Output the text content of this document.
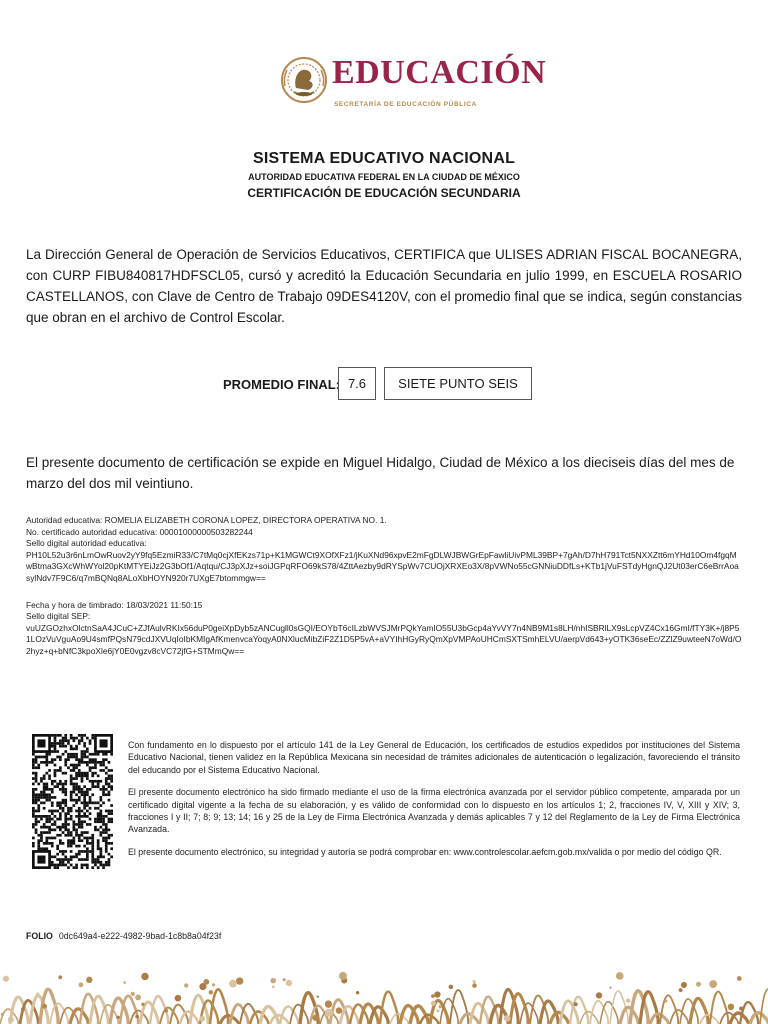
EDUCACIÓN
SECRETARÍA DE EDUCACIÓN PÚBLICA
SISTEMA EDUCATIVO NACIONAL
AUTORIDAD EDUCATIVA FEDERAL EN LA CIUDAD DE MÉXICO
CERTIFICACIÓN DE EDUCACIÓN SECUNDARIA
La Dirección General de Operación de Servicios Educativos, CERTIFICA que ULISES ADRIAN FISCAL BOCANEGRA, con CURP FIBU840817HDFSCL05, cursó y acreditó la Educación Secundaria en julio 1999, en ESCUELA ROSARIO CASTELLANOS, con Clave de Centro de Trabajo 09DES4120V, con el promedio final que se indica, según constancias que obran en el archivo de Control Escolar.
PROMEDIO FINAL: 7.6	SIETE PUNTO SEIS
El presente documento de certificación se expide en Miguel Hidalgo, Ciudad de México a los dieciseis días del mes de marzo del dos mil veintiuno.
Autoridad educativa: ROMELIA ELIZABETH CORONA LOPEZ, DIRECTORA OPERATIVA NO. 1.
No. certificado autoridad educativa: 00001000000503282244
Sello digital autoridad educativa:
PH10L52u3r6nLmOwRuov2yY9fq5EzmiR33/C7tMq0cjXfEKzs71p+K1MGWCt9XOfXFz1/jKuXNd96xpvE2mFgDLWJBWGrEpFawliUivPML39BP+7gAh/D7hH791Tct5NXXZtt6mYHd10Om4fgqMwBtma3GXcWhWYol20pKtMTYEiJz2G3bOf1/Aqtqu/CJ3pXJz+soiJGPqRFO69kS78/4ZttAezby9dRYSpWv7CUOjXRXEo3X/8pVWNo55cGNNiuDDfLs+KTb1jVuFSTdyHgnQJ2Ut03erC6eBrrAoasylNdv7F9C6/q7mBQNq8ALoXbHOYN920r7UXgE7btommgw==
Fecha y hora de timbrado: 18/03/2021 11:50:15
Sello digital SEP:
vuUZGOzhxOlctnSaA4JCuC+ZJfAulvRKIx56duP0geiXpDyb5zANCugll0sGQI/EOYbT6cILzbWVSJMrPQkYamIO55U3bGcp4aYvVY7n4NB9M1s8LH/nhISBRlLX9sLcpVZ4Cx16GmI/fTY3K+/j8P51LOzVuVguAo9U4smfPQsN79cdJXVUqIoIbKMIgAfKmenvcaYoqyA0NXlucMibZiF2Z1D5P5vA+aVYIhHGyRyQmXpVMPAoUHCmSXTSmhELVU/aerpVd643+yOTK36seEc/ZZlZ9uwteeN7oWd/O2hyz+q+bNfC3kpoXle6jY0E0vgzv8cVC72jfG+STMmQw==

Con fundamento en lo dispuesto por el artículo 141 de la Ley General de Educación, los certificados de estudios expedidos por instituciones del Sistema Educativo Nacional, tienen validez en la República Mexicana sin necesidad de trámites adicionales de autenticación o legalización, favoreciendo el tránsito del educando por el Sistema Educativo Nacional.

El presente documento electrónico ha sido firmado mediante el uso de la firma electrónica avanzada por el servidor público competente, amparada por un certificado digital vigente a la fecha de su elaboración, y es válido de conformidad con lo dispuesto en los artículos 1; 2, fracciones IV, V, XIII y XIV; 3, fracciones I y II; 7; 8; 9; 13; 14; 16 y 25 de la Ley de Firma Electrónica Avanzada y demás aplicables 7 y 12 del Reglamento de la Ley de Firma Electrónica Avanzada.

El presente documento electrónico, su integridad y autoría se podrá comprobar en: www.controlescolar.aefcm.gob.mx/valida o por medio del código QR.

FOLIO 0dc649a4-e222-4982-9bad-1c8b8a04f23f
